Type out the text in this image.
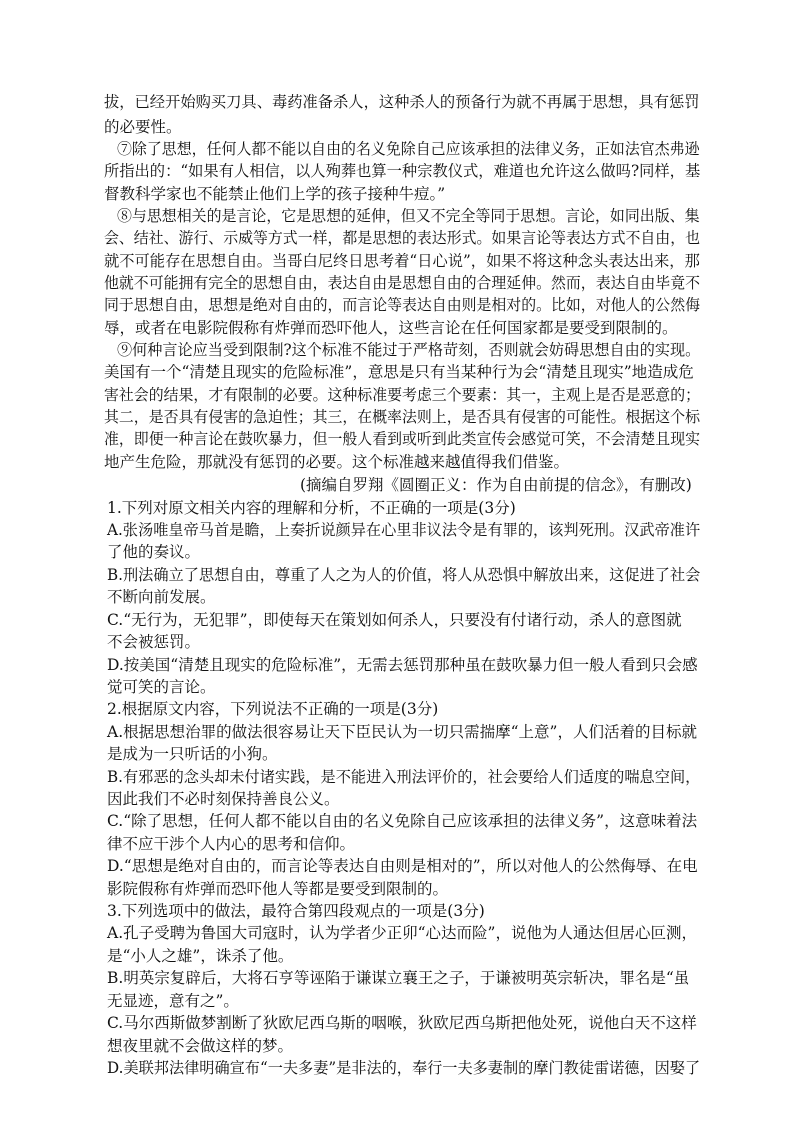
拔，已经开始购买刀具、毒药准备杀人，这种杀人的预备行为就不再属于思想，具有惩罚
的必要性。
⑦除了思想，任何人都不能以自由的名义免除自己应该承担的法律义务，正如法官杰弗逊
所指出的：“如果有人相信，以人殉葬也算一种宗教仪式，难道也允许这么做吗?同样，基
督教科学家也不能禁止他们上学的孩子接种牛痘。”
⑧与思想相关的是言论，它是思想的延伸，但又不完全等同于思想。言论，如同出版、集
会、结社、游行、示威等方式一样，都是思想的表达形式。如果言论等表达方式不自由，也
就不可能存在思想自由。当哥白尼终日思考着“日心说”，如果不将这种念头表达出来，那
他就不可能拥有完全的思想自由，表达自由是思想自由的合理延伸。然而，表达自由毕竟不
同于思想自由，思想是绝对自由的，而言论等表达自由则是相对的。比如，对他人的公然侮
辱，或者在电影院假称有炸弹而恐吓他人，这些言论在任何国家都是要受到限制的。
⑨何种言论应当受到限制?这个标准不能过于严格苛刻，否则就会妨碍思想自由的实现。
美国有一个“清楚且现实的危险标准”，意思是只有当某种行为会“清楚且现实”地造成危
害社会的结果，才有限制的必要。这种标准要考虑三个要素：其一，主观上是否是恶意的；
其二，是否具有侵害的急迫性；其三，在概率法则上，是否具有侵害的可能性。根据这个标
准，即便一种言论在鼓吹暴力，但一般人看到或听到此类宣传会感觉可笑，不会清楚且现实
地产生危险，那就没有惩罚的必要。这个标准越来越值得我们借鉴。
(摘编自罗翔《圆圈正义：作为自由前提的信念》，有删改)
1.下列对原文相关内容的理解和分析，不正确的一项是(3分)
A.张汤唯皇帝马首是瞻，上奏折说颜异在心里非议法令是有罪的，该判死刑。汉武帝准许
了他的奏议。
B.刑法确立了思想自由，尊重了人之为人的价值，将人从恐惧中解放出来，这促进了社会
不断向前发展。
C.“无行为，无犯罪”，即使每天在策划如何杀人，只要没有付诸行动，杀人的意图就
不会被惩罚。
D.按美国“清楚且现实的危险标准”，无需去惩罚那种虽在鼓吹暴力但一般人看到只会感
觉可笑的言论。
2.根据原文内容，下列说法不正确的一项是(3分)
A.根据思想治罪的做法很容易让天下臣民认为一切只需揣摩“上意”，人们活着的目标就
是成为一只听话的小狗。
B.有邪恶的念头却未付诸实践，是不能进入刑法评价的，社会要给人们适度的喘息空间，
因此我们不必时刻保持善良公义。
C.“除了思想，任何人都不能以自由的名义免除自己应该承担的法律义务”，这意味着法
律不应干涉个人内心的思考和信仰。
D.“思想是绝对自由的，而言论等表达自由则是相对的”，所以对他人的公然侮辱、在电
影院假称有炸弹而恐吓他人等都是要受到限制的。
3.下列选项中的做法，最符合第四段观点的一项是(3分)
A.孔子受聘为鲁国大司寇时，认为学者少正卯“心达而险”，说他为人通达但居心叵测，
是“小人之雄”，诛杀了他。
B.明英宗复辟后，大将石亨等诬陷于谦谋立襄王之子，于谦被明英宗斩决，罪名是“虽
无显迹，意有之”。
C.马尔西斯做梦割断了狄欧尼西乌斯的咽喉，狄欧尼西乌斯把他处死，说他白天不这样
想夜里就不会做这样的梦。
D.美联邦法律明确宣布“一夫多妻”是非法的，奉行一夫多妻制的摩门教徒雷诺德，因娶了
